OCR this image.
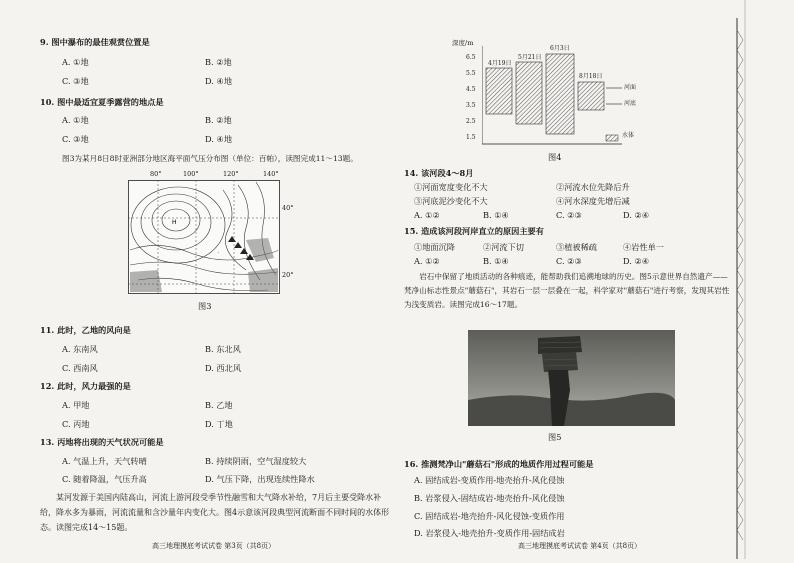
9. 图中瀑布的最佳观赏位置是
A. ①地	B. ②地
C. ③地	D. ④地
10. 图中最适宜夏季露营的地点是
A. ①地	B. ②地
C. ③地	D. ④地
图3为某月8日8时亚洲部分地区海平面气压分布图（单位：百帕），读图完成11～13题。
80°	100°	120°	140°
H
·
40°
20°
图3
11. 此时，乙地的风向是
A. 东南风	B. 东北风
C. 西南风	D. 西北风
12. 此时，风力最强的是
A. 甲地	B. 乙地
C. 丙地	D. 丁地
13. 丙地将出现的天气状况可能是
A. 气温上升，天气转晴	B. 持续阴雨，空气湿度较大
C. 随着降温，气压升高	D. 气压下降，出现连续性降水
某河发源于美国内陆高山，河流上游河段受季节性融雪和大气降水补给，7月后主要受降水补给，降水多为暴雨，河流流量和含沙量年内变化大。图4示意该河段典型河流断面不同时间的水体形态。读图完成14～15题。
高三地理摸底考试试卷 第3页（共8页）
深度/m
6.5
5.5
4.5
3.5
2.5
1.5
4月19日
5月21日
6月3日
8月18日
河面
河底
水体
图4
14. 该河段4～8月
①河面宽度变化不大	②河流水位先降后升
③河底泥沙变化不大	④河水深度先增后减
A. ①②	B. ①④	C. ②③	D. ②④
15. 造成该河段河岸直立的原因主要有
①地面沉降	②河流下切	③植被稀疏	④岩性单一
A. ①②	B. ①④	C. ②③	D. ②④
岩石中保留了地质活动的各种痕迹，能帮助我们追溯地球的历史。图5示意世界自然遗产——梵净山标志性景点"蘑菇石"，其岩石一层一层叠在一起，科学家对"蘑菇石"进行考察，发现其岩性为浅变质岩。读图完成16～17题。
图5
16. 推测梵净山"蘑菇石"形成的地质作用过程可能是
A. 固结成岩-变质作用-地壳抬升-风化侵蚀
B. 岩浆侵入-固结成岩-地壳抬升-风化侵蚀
C. 固结成岩-地壳抬升-风化侵蚀-变质作用
D. 岩浆侵入-地壳抬升-变质作用-固结成岩
高三地理摸底考试试卷 第4页（共8页）
